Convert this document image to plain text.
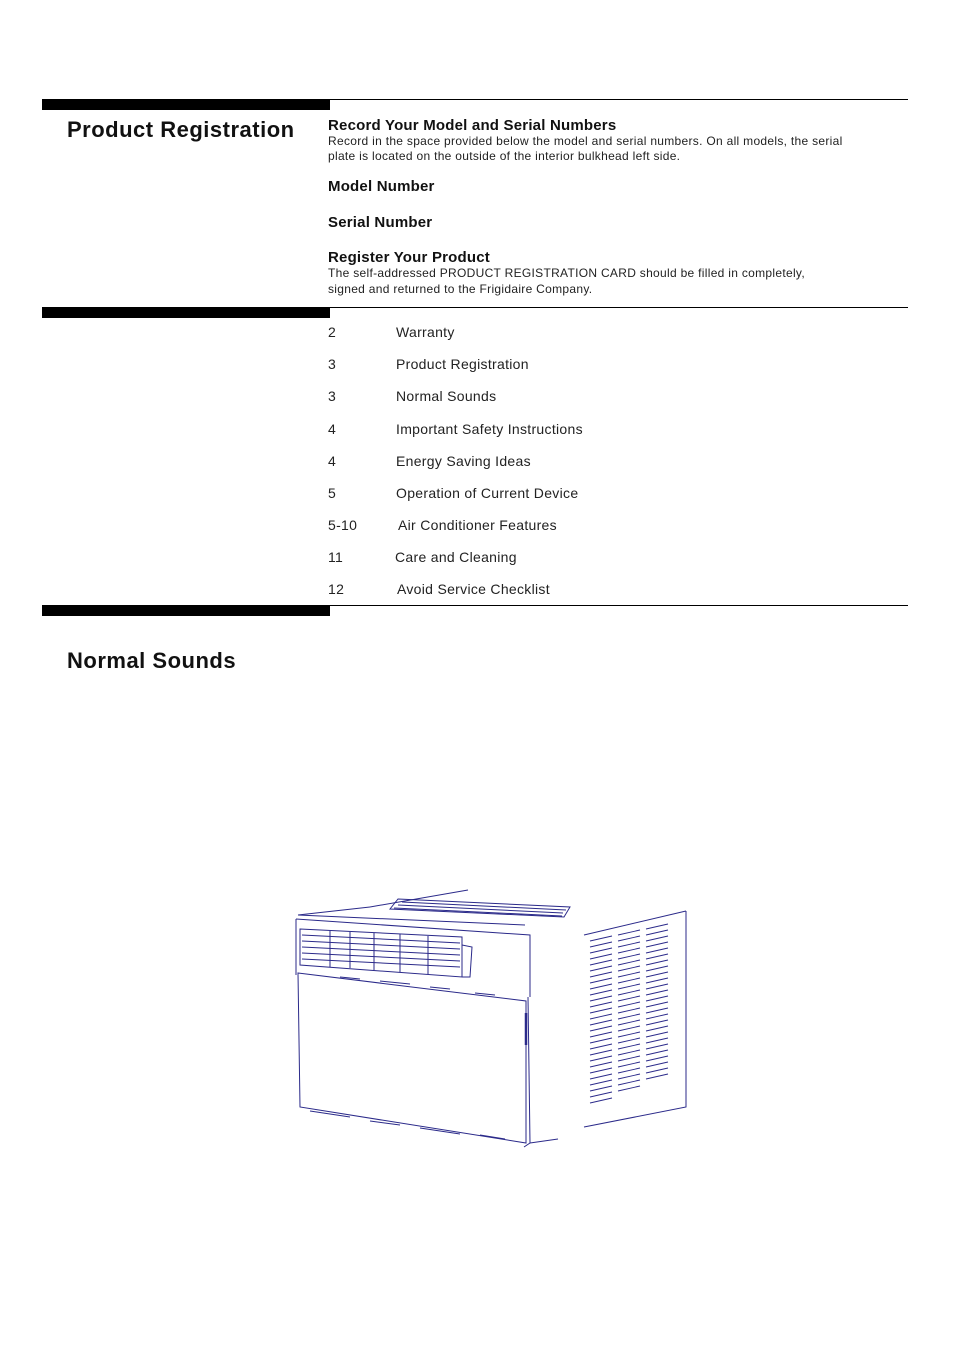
Product Registration Record Your Model and Serial Numbers

Record in the space provided below the model and serial numbers. On all models, the serial

plate is located on the outside of the interior bulkhead left side.

Model Number
Serial Number
Register Your Product

The self-addressed PRODUCT REGISTRATION CARD should be filled in completely,

signed and returned to the Frigidaire Company.

2	Warranty
3	Product Registration
3	Normal Sounds
4	Important Safety Instructions
4	Energy Saving Ideas
5	Operation of Current Device
5-10	Air Conditioner Features
11	Care and Cleaning
12	Avoid Service Checklist
Normal Sounds
